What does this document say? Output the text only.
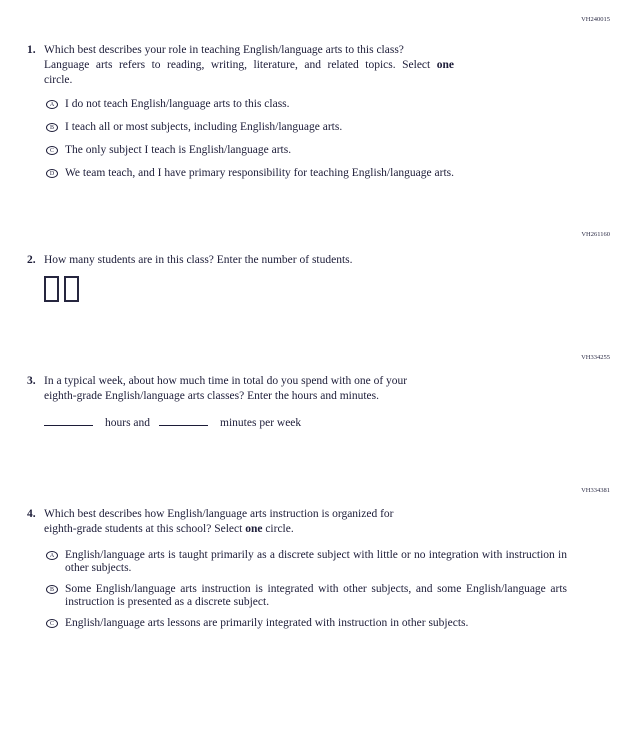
VH240015
1. Which best describes your role in teaching English/language arts to this class?
Language arts refers to reading, writing, literature, and related topics. Select one
circle.
A I do not teach English/language arts to this class.
B I teach all or most subjects, including English/language arts.
C The only subject I teach is English/language arts.
D We team teach, and I have primary responsibility for teaching English/language arts.
VH261160
2. How many students are in this class? Enter the number of students.
VH334255
3. In a typical week, about how much time in total do you spend with one of your
eighth-grade English/language arts classes? Enter the hours and minutes.
hours and	minutes per week
VH334381
4. Which best describes how English/language arts instruction is organized for
eighth-grade students at this school? Select one circle.
A English/language arts is taught primarily as a discrete subject with little or no integration with instruction in other subjects.
B Some English/language arts instruction is integrated with other subjects, and some English/language arts instruction is presented as a discrete subject.
C English/language arts lessons are primarily integrated with instruction in other subjects.
